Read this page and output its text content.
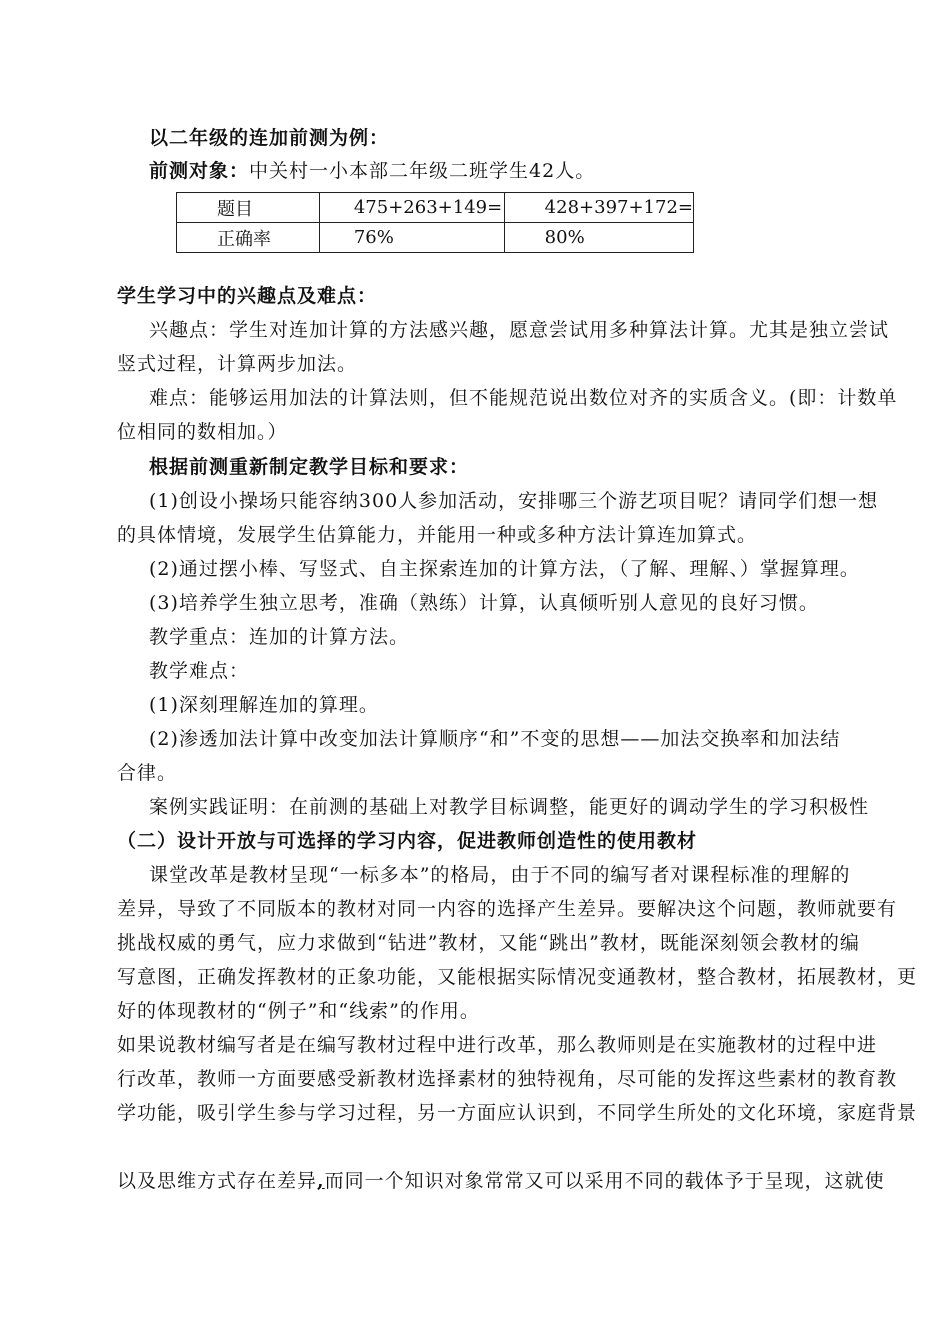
以二年级的连加前测为例：
前测对象：中关村一小本部二年级二班学生42人。
题目	475+263+149=	428+397+172=
正确率	76%	80%
学生学习中的兴趣点及难点：
兴趣点：学生对连加计算的方法感兴趣，愿意尝试用多种算法计算。尤其是独立尝试
竖式过程，计算两步加法。
难点：能够运用加法的计算法则，但不能规范说出数位对齐的实质含义。(即：计数单
位相同的数相加。）
根据前测重新制定教学目标和要求：
(1)创设小操场只能容纳300人参加活动，安排哪三个游艺项目呢？请同学们想一想
的具体情境，发展学生估算能力，并能用一种或多种方法计算连加算式。
(2)通过摆小棒、写竖式、自主探索连加的计算方法，（了解、理解、）掌握算理。
(3)培养学生独立思考，准确（熟练）计算，认真倾听别人意见的良好习惯。
教学重点：连加的计算方法。
教学难点：
(1)深刻理解连加的算理。
(2)渗透加法计算中改变加法计算顺序“和”不变的思想——加法交换率和加法结
合律。
案例实践证明：在前测的基础上对教学目标调整，能更好的调动学生的学习积极性
（二）设计开放与可选择的学习内容，促进教师创造性的使用教材
课堂改革是教材呈现“一标多本”的格局，由于不同的编写者对课程标准的理解的
差异，导致了不同版本的教材对同一内容的选择产生差异。要解决这个问题，教师就要有
挑战权威的勇气，应力求做到“钻进”教材，又能“跳出”教材，既能深刻领会教材的编
写意图，正确发挥教材的正象功能，又能根据实际情况变通教材，整合教材，拓展教材，更
好的体现教材的“例子”和“线索”的作用。
如果说教材编写者是在编写教材过程中进行改革，那么教师则是在实施教材的过程中进
行改革，教师一方面要感受新教材选择素材的独特视角，尽可能的发挥这些素材的教育教
学功能，吸引学生参与学习过程，另一方面应认识到，不同学生所处的文化环境，家庭背景
以及思维方式存在差异,而同一个知识对象常常又可以采用不同的载体予于呈现，这就使
